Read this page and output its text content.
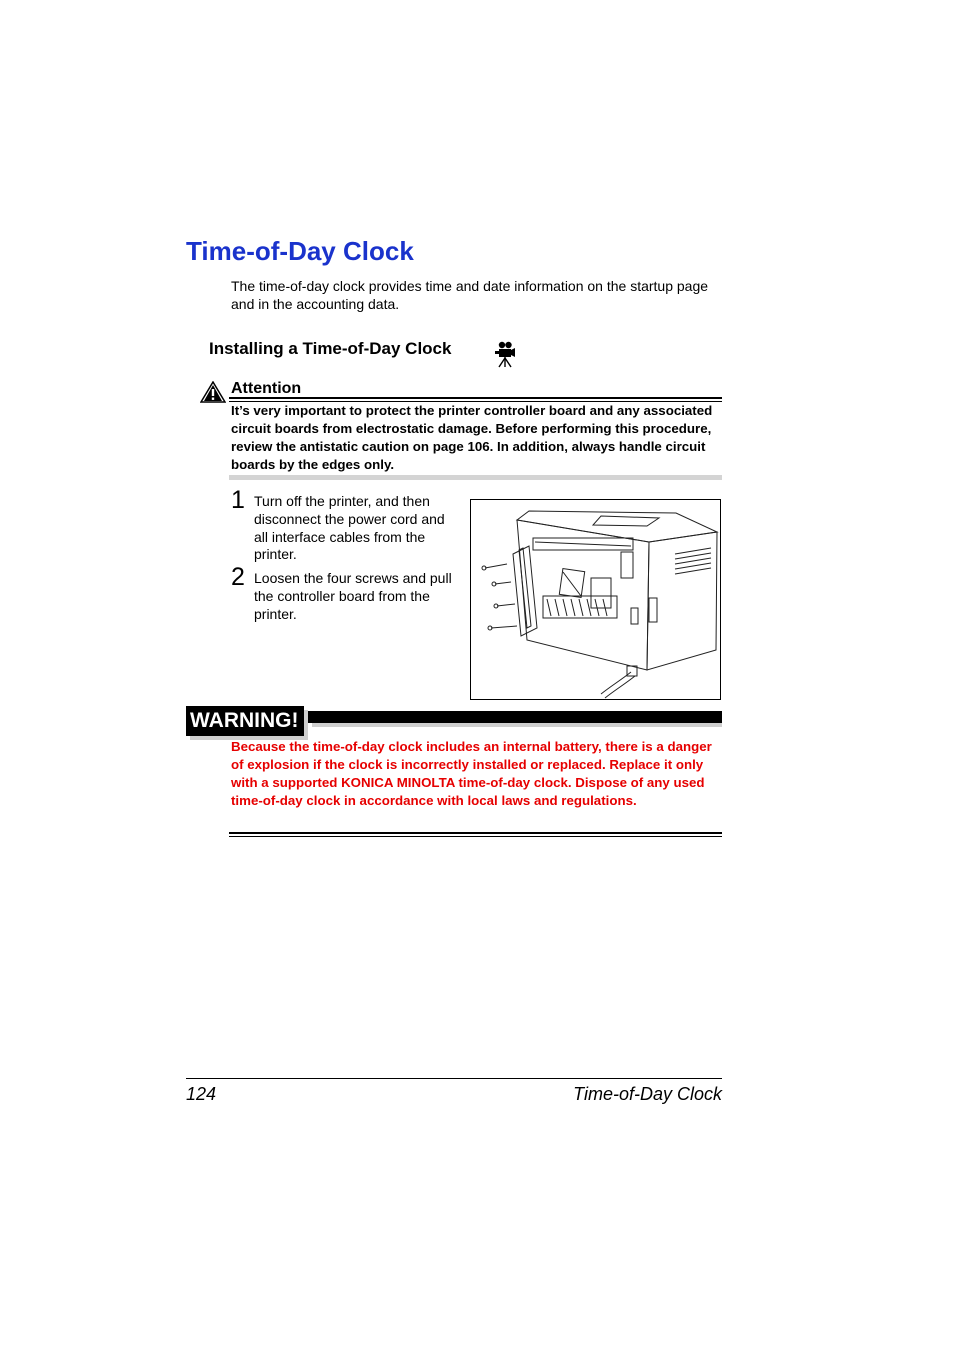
Time-of-Day Clock

The time-of-day clock provides time and date information on the startup page and in the accounting data.

Installing a Time-of-Day Clock
Attention

It’s very important to protect the printer controller board and any associated circuit boards from electrostatic damage. Before performing this procedure, review the antistatic caution on page 106. In addition, always handle circuit boards by the edges only.

1 Turn off the printer, and then disconnect the power cord and all interface cables from the printer.

2 Loosen the four screws and pull the controller board from the printer.

WARNING!

Because the time-of-day clock includes an internal battery, there is a danger of explosion if the clock is incorrectly installed or replaced. Replace it only with a supported KONICA MINOLTA time-of-day clock. Dispose of any used time-of-day clock in accordance with local laws and regulations.

124	Time-of-Day Clock
